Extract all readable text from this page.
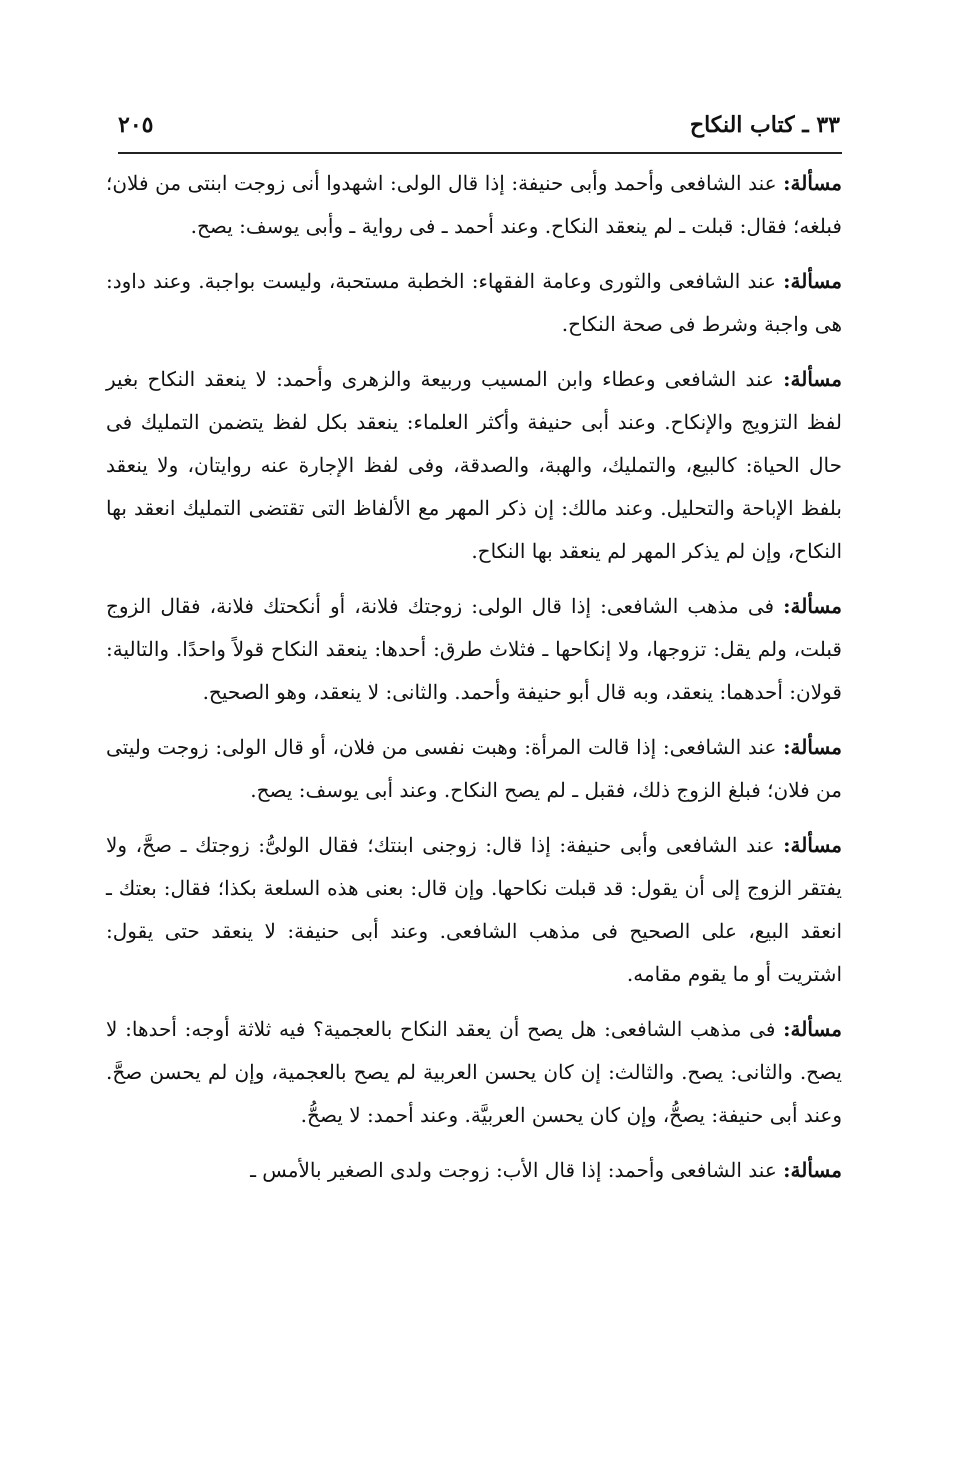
٣٣ ـ كتاب النكاح
٢٠٥

مسألة: عند الشافعى وأحمد وأبى حنيفة: إذا قال الولى: اشهدوا أنى زوجت ابنتى من فلان؛ فبلغه؛ فقال: قبلت ـ لم ينعقد النكاح. وعند أحمد ـ فى رواية ـ وأبى يوسف: يصح.

مسألة: عند الشافعى والثورى وعامة الفقهاء: الخطبة مستحبة، وليست بواجبة. وعند داود: هى واجبة وشرط فى صحة النكاح.

مسألة: عند الشافعى وعطاء وابن المسيب وربيعة والزهرى وأحمد: لا ينعقد النكاح بغير لفظ التزويج والإنكاح. وعند أبى حنيفة وأكثر العلماء: ينعقد بكل لفظ يتضمن التمليك فى حال الحياة: كالبيع، والتمليك، والهبة، والصدقة، وفى لفظ الإجارة عنه روايتان، ولا ينعقد بلفظ الإباحة والتحليل. وعند مالك: إن ذكر المهر مع الألفاظ التى تقتضى التمليك انعقد بها النكاح، وإن لم يذكر المهر لم ينعقد بها النكاح.

مسألة: فى مذهب الشافعى: إذا قال الولى: زوجتك فلانة، أو أنكحتك فلانة، فقال الزوج قبلت، ولم يقل: تزوجها، ولا إنكاحها ـ فثلاث طرق: أحدها: ينعقد النكاح قولاً واحدًا. والتالية: قولان: أحدهما: ينعقد، وبه قال أبو حنيفة وأحمد. والثانى: لا ينعقد، وهو الصحيح.

مسألة: عند الشافعى: إذا قالت المرأة: وهبت نفسى من فلان، أو قال الولى: زوجت وليتى من فلان؛ فبلغ الزوج ذلك، فقبل ـ لم يصح النكاح. وعند أبى يوسف: يصح.

مسألة: عند الشافعى وأبى حنيفة: إذا قال: زوجنى ابنتك؛ فقال الولىُّ: زوجتك ـ صحَّ، ولا يفتقر الزوج إلى أن يقول: قد قبلت نكاحها. وإن قال: بعنى هذه السلعة بكذا؛ فقال: بعتك ـ انعقد البيع، على الصحيح فى مذهب الشافعى. وعند أبى حنيفة: لا ينعقد حتى يقول: اشتريت أو ما يقوم مقامه.

مسألة: فى مذهب الشافعى: هل يصح أن يعقد النكاح بالعجمية؟ فيه ثلاثة أوجه: أحدها: لا يصح. والثانى: يصح. والثالث: إن كان يحسن العربية لم يصح بالعجمية، وإن لم يحسن صحَّ. وعند أبى حنيفة: يصحُّ، وإن كان يحسن العربيَّة. وعند أحمد: لا يصحُّ.

مسألة: عند الشافعى وأحمد: إذا قال الأب: زوجت ولدى الصغير بالأمس ـ
